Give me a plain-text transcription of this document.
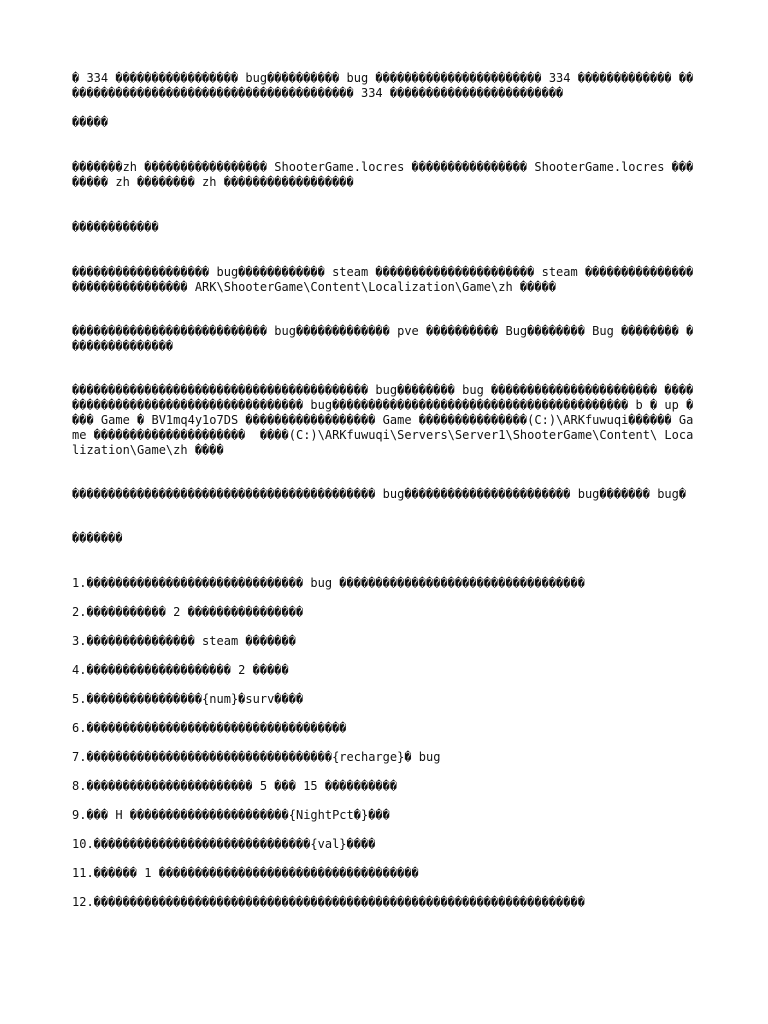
� 334 ����������������� bug���������� bug ����������������������� 334 ������������� ����������������������������������������� 334 ������������������������

�����

�������zh ����������������� ShooterGame.locres ���������������� ShooterGame.locres ��� ����� zh �������� zh ������������������

������������

������������������� bug������������ steam ���������������������� steam ��������������� ���������������� ARK\ShooterGame\Content\Localization\Game\zh �����

��������������������������� bug������������� pve ���������� Bug�������� Bug �������� ���������������

����������������������������������������� bug�������� bug ����������������������� ������������������������������������ bug����������������������������������������� b � up ���� Game � BV1mq4y1o7DS ������������������ Game ���������������(C:)\ARKfuwuqi������ Game ���������������������  ����(C:)\ARKfuwuqi\Servers\Server1\ShooterGame\Content\ Localization\Game\zh ����

������������������������������������������ bug����������������������� bug������� bug�

�������

1.������������������������������ bug ����������������������������������

2.����������� 2 ����������������

3.��������������� steam �������

4.�������������������� 2 �����

5.����������������{num}�surv����

6.������������������������������������

7.����������������������������������{recharge}� bug

8.����������������������� 5 ��� 15 ����������

9.��� H ����������������������{NightPct�}���

10.������������������������������{val}����

11.������ 1 ������������������������������������

12.��������������������������������������������������������������������
